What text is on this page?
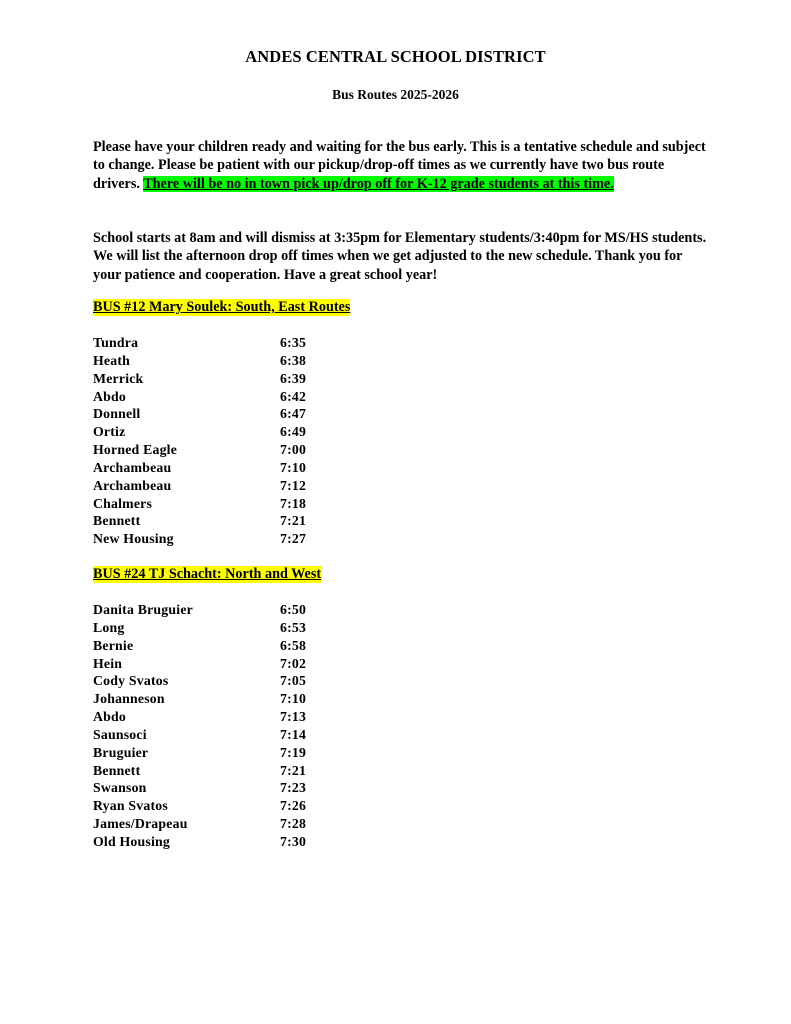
ANDES CENTRAL SCHOOL DISTRICT
Bus Routes 2025-2026
Please have your children ready and waiting for the bus early. This is a tentative schedule and subject to change. Please be patient with our pickup/drop-off times as we currently have two bus route drivers. There will be no in town pick up/drop off for K-12 grade students at this time.
School starts at 8am and will dismiss at 3:35pm for Elementary students/3:40pm for MS/HS students. We will list the afternoon drop off times when we get adjusted to the new schedule. Thank you for your patience and cooperation. Have a great school year!
BUS #12 Mary Soulek: South, East Routes
Tundra	6:35
Heath	6:38
Merrick	6:39
Abdo	6:42
Donnell	6:47
Ortiz	6:49
Horned Eagle	7:00
Archambeau	7:10
Archambeau	7:12
Chalmers	7:18
Bennett	7:21
New Housing	7:27
BUS #24 TJ Schacht: North and West
Danita Bruguier	6:50
Long	6:53
Bernie	6:58
Hein	7:02
Cody Svatos	7:05
Johanneson	7:10
Abdo	7:13
Saunsoci	7:14
Bruguier	7:19
Bennett	7:21
Swanson	7:23
Ryan Svatos	7:26
James/Drapeau	7:28
Old Housing	7:30
